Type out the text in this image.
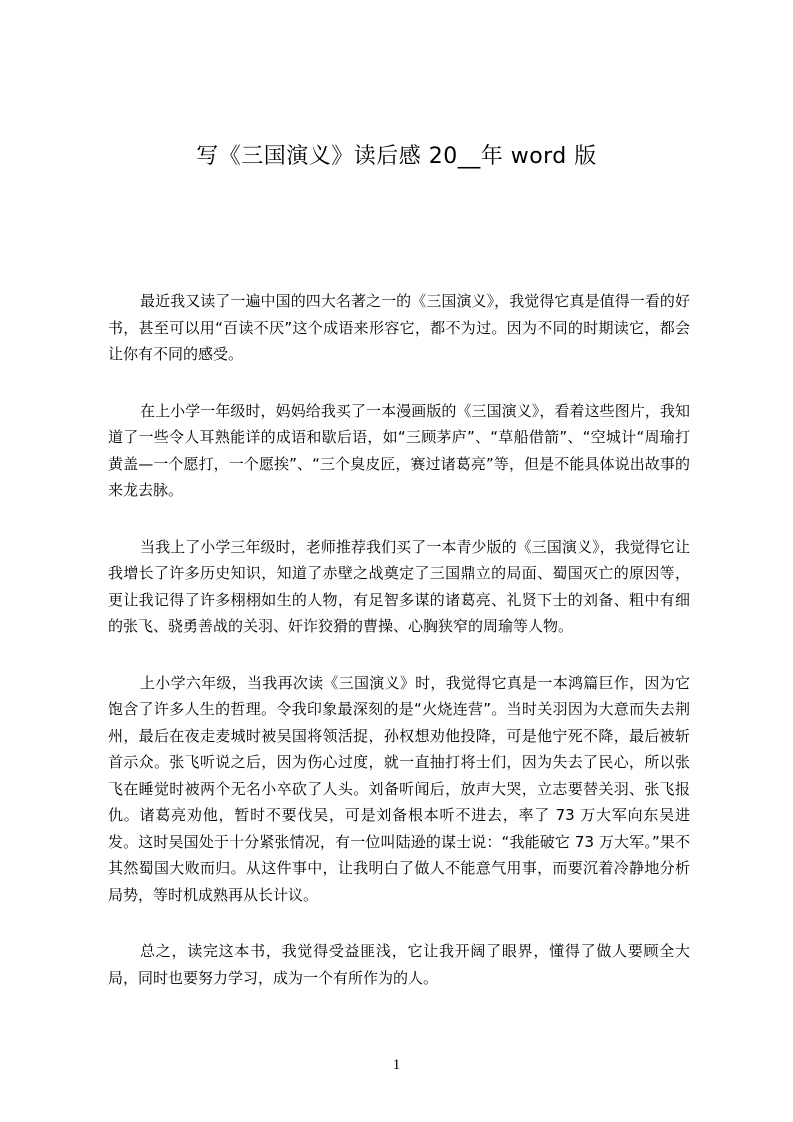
写《三国演义》读后感 20__年 word 版

最近我又读了一遍中国的四大名著之一的《三国演义》，我觉得它真是值得一看的好书，甚至可以用“百读不厌”这个成语来形容它，都不为过。因为不同的时期读它，都会让你有不同的感受。

在上小学一年级时，妈妈给我买了一本漫画版的《三国演义》，看着这些图片，我知道了一些令人耳熟能详的成语和歇后语，如“三顾茅庐”、“草船借箭”、“空城计“周瑜打黄盖—一个愿打，一个愿挨”、“三个臭皮匠，赛过诸葛亮”等，但是不能具体说出故事的来龙去脉。

当我上了小学三年级时，老师推荐我们买了一本青少版的《三国演义》，我觉得它让我增长了许多历史知识，知道了赤壁之战奠定了三国鼎立的局面、蜀国灭亡的原因等，更让我记得了许多栩栩如生的人物，有足智多谋的诸葛亮、礼贤下士的刘备、粗中有细的张飞、骁勇善战的关羽、奸诈狡猾的曹操、心胸狭窄的周瑜等人物。

上小学六年级，当我再次读《三国演义》时，我觉得它真是一本鸿篇巨作，因为它饱含了许多人生的哲理。令我印象最深刻的是“火烧连营”。当时关羽因为大意而失去荆州，最后在夜走麦城时被吴国将领活捉，孙权想劝他投降，可是他宁死不降，最后被斩首示众。张飞听说之后，因为伤心过度，就一直抽打将士们，因为失去了民心，所以张飞在睡觉时被两个无名小卒砍了人头。刘备听闻后，放声大哭，立志要替关羽、张飞报仇。诸葛亮劝他，暂时不要伐吴，可是刘备根本听不进去，率了 73 万大军向东吴进发。这时吴国处于十分紧张情况，有一位叫陆逊的谋士说：“我能破它 73 万大军。”果不其然蜀国大败而归。从这件事中，让我明白了做人不能意气用事，而要沉着冷静地分析局势，等时机成熟再从长计议。

总之，读完这本书，我觉得受益匪浅，它让我开阔了眼界，懂得了做人要顾全大局，同时也要努力学习，成为一个有所作为的人。

1
